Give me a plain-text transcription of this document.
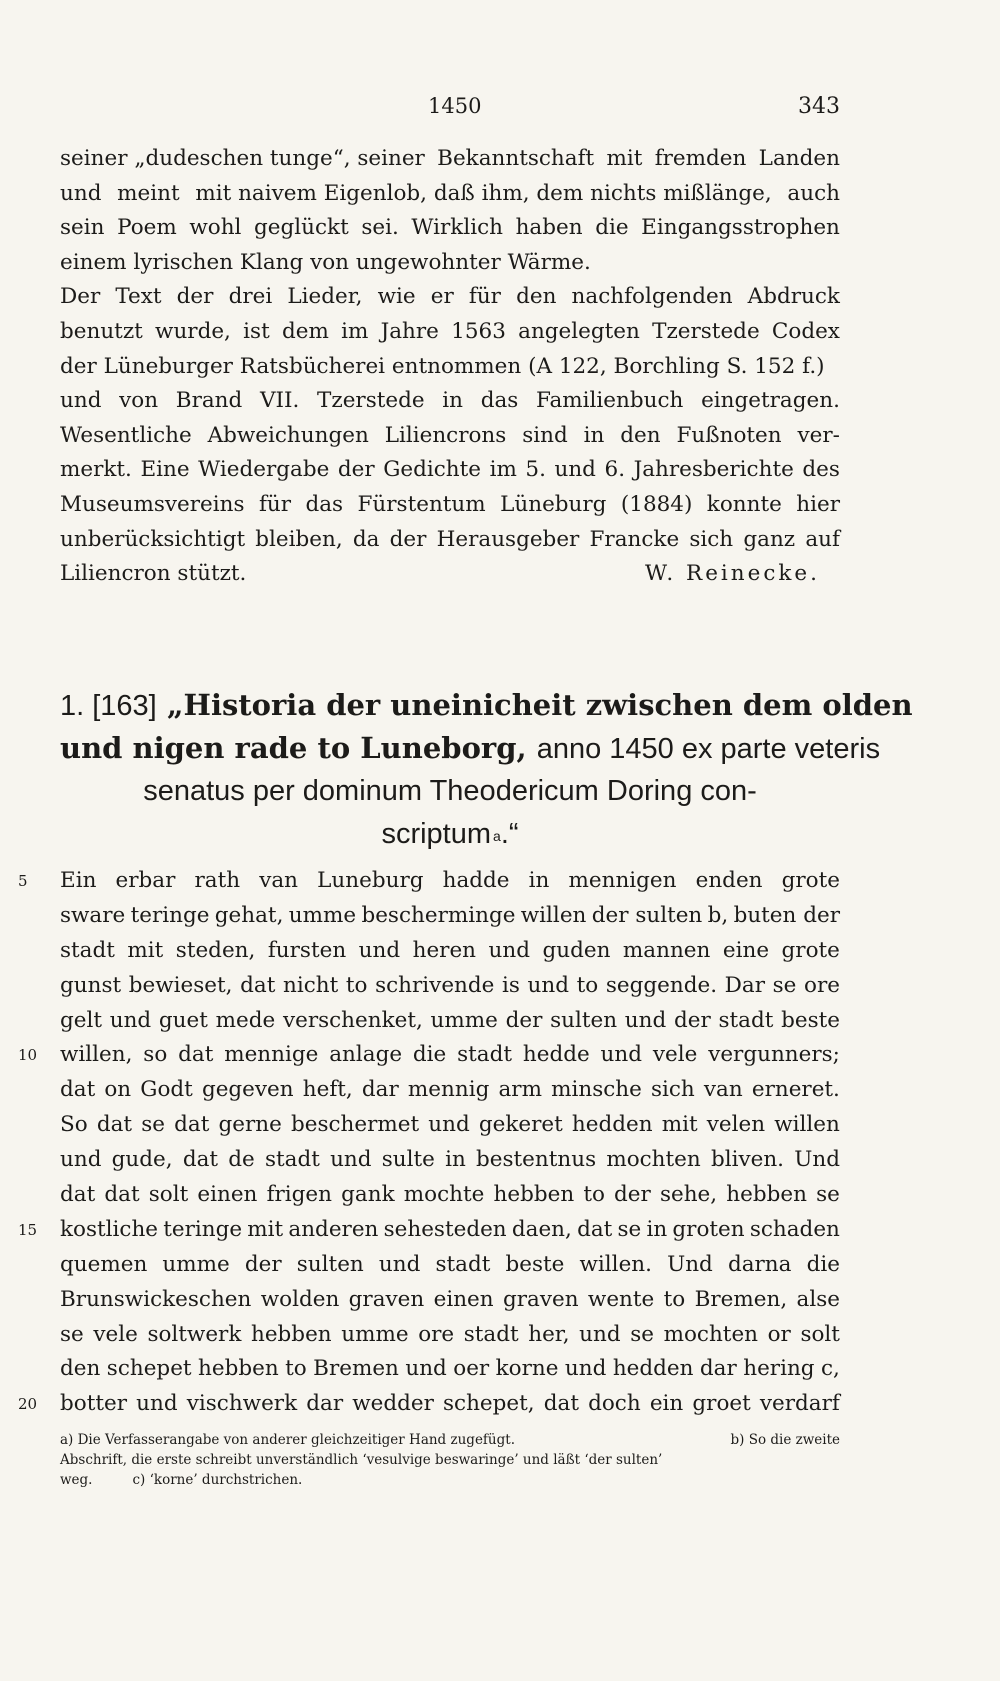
1450	343
seiner „dudeschen tunge“, seiner Bekanntschaft mit fremden Landen
und meint mit naivem Eigenlob, daß ihm, dem nichts mißlänge, auch
sein Poem wohl geglückt sei. Wirklich haben die Eingangsstrophen
einem lyrischen Klang von ungewohnter Wärme.
Der Text der drei Lieder, wie er für den nachfolgenden Abdruck
benutzt wurde, ist dem im Jahre 1563 angelegten Tzerstede Codex
der Lüneburger Ratsbücherei entnommen (A 122, Borchling S. 152 f.)
und von Brand VII. Tzerstede in das Familienbuch eingetragen.
Wesentliche Abweichungen Liliencrons sind in den Fußnoten ver-
merkt. Eine Wiedergabe der Gedichte im 5. und 6. Jahresberichte des
Museumsvereins für das Fürstentum Lüneburg (1884) konnte hier
unberücksichtigt bleiben, da der Herausgeber Francke sich ganz auf
Liliencron stützt.	W. Reinecke.
1. [163] „Historia der uneinicheit zwischen dem olden
und nigen rade to Luneborg, anno 1450 ex parte veteris
senatus per dominum Theodericum Doring con-
scriptum a.“
5	Ein erbar rath van Luneburg hadde in mennigen enden grote
sware teringe gehat, umme bescherminge willen der sulten b, buten der
stadt mit steden, fursten und heren und guden mannen eine grote
gunst bewieset, dat nicht to schrivende is und to seggende. Dar se ore
gelt und guet mede verschenket, umme der sulten und der stadt beste
10	willen, so dat mennige anlage die stadt hedde und vele vergunners;
dat on Godt gegeven heft, dar mennig arm minsche sich van erneret.
So dat se dat gerne beschermet und gekeret hedden mit velen willen
und gude, dat de stadt und sulte in bestentnus mochten bliven. Und
dat dat solt einen frigen gank mochte hebben to der sehe, hebben se
15	kostliche teringe mit anderen sehesteden daen, dat se in groten schaden
quemen umme der sulten und stadt beste willen. Und darna die
Brunswickeschen wolden graven einen graven wente to Bremen, alse
se vele soltwerk hebben umme ore stadt her, und se mochten or solt
den schepet hebben to Bremen und oer korne und hedden dar hering c,
20	botter und vischwerk dar wedder schepet, dat doch ein groet verdarf
a) Die Verfasserangabe von anderer gleichzeitiger Hand zugefügt.	b) So die zweite
Abschrift, die erste schreibt unverständlich ‘vesulvige beswaringe’ und läßt ‘der sulten’
weg.	c) ‘korne’ durchstrichen.
